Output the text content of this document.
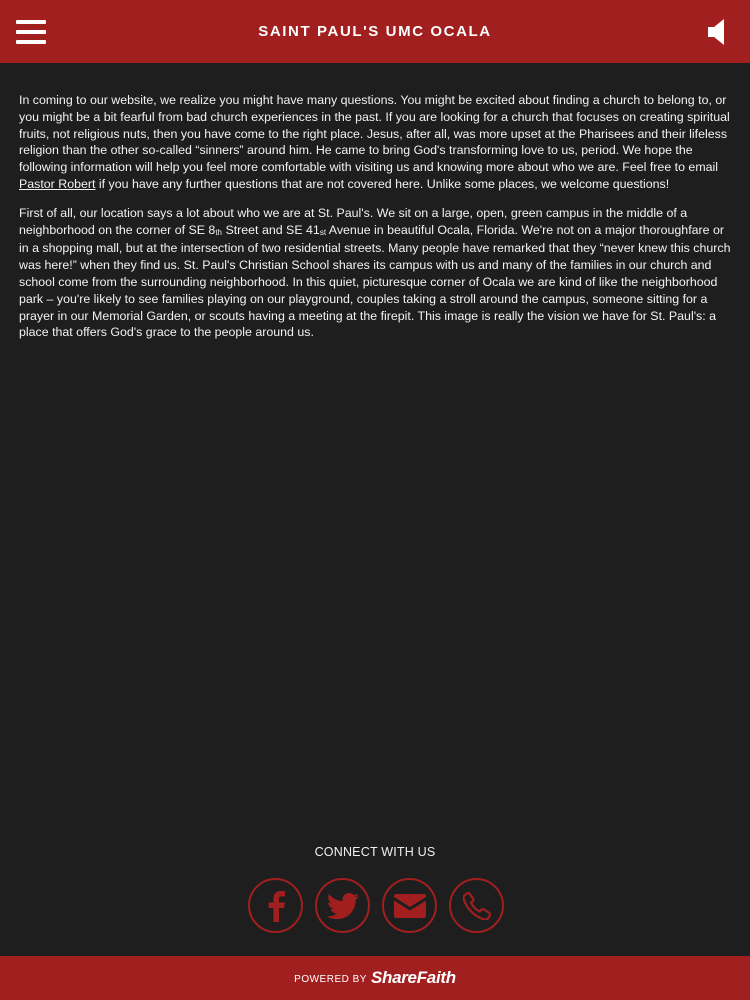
SAINT PAUL'S UMC OCALA

In coming to our website, we realize you might have many questions. You might be excited about finding a church to belong to, or you might be a bit fearful from bad church experiences in the past. If you are looking for a church that focuses on creating spiritual fruits, not religious nuts, then you have come to the right place. Jesus, after all, was more upset at the Pharisees and their lifeless religion than the other so-called “sinners” around him. He came to bring God's transforming love to us, period. We hope the following information will help you feel more comfortable with visiting us and knowing more about who we are. Feel free to email Pastor Robert if you have any further questions that are not covered here. Unlike some places, we welcome questions!

First of all, our location says a lot about who we are at St. Paul's. We sit on a large, open, green campus in the middle of a neighborhood on the corner of SE 8th Street and SE 41st Avenue in beautiful Ocala, Florida. We're not on a major thoroughfare or in a shopping mall, but at the intersection of two residential streets. Many people have remarked that they “never knew this church was here!” when they find us. St. Paul's Christian School shares its campus with us and many of the families in our church and school come from the surrounding neighborhood. In this quiet, picturesque corner of Ocala we are kind of like the neighborhood park – you're likely to see families playing on our playground, couples taking a stroll around the campus, someone sitting for a prayer in our Memorial Garden, or scouts having a meeting at the firepit. This image is really the vision we have for St. Paul's: a place that offers God's grace to the people around us.

CONNECT WITH US
POWERED BY ShareFaith
